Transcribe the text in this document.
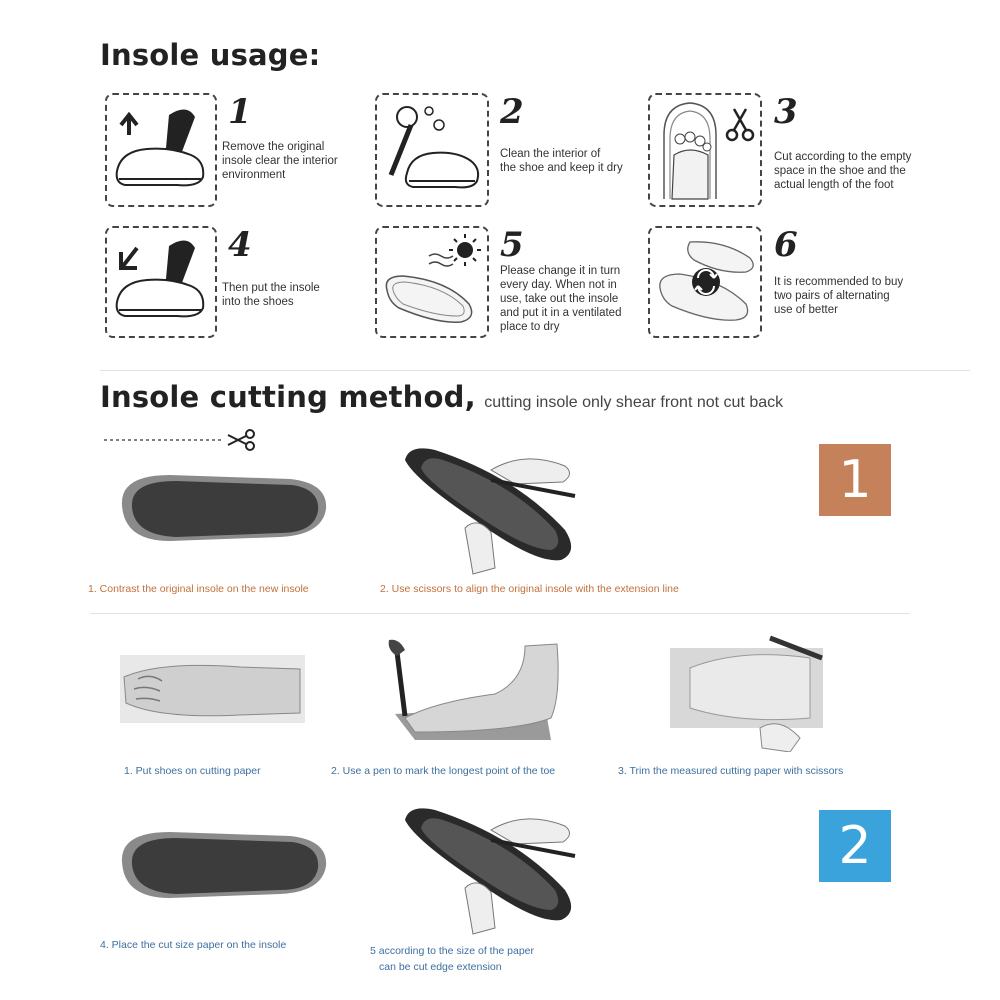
Insole usage:
1
Remove the original
insole clear the interior
environment
2
Clean the interior of
the shoe and keep it dry
3
Cut according to the empty
space in the shoe and the
actual length of the foot
4
Then put the insole
into the shoes
5
Please change it in turn
every day. When not in
use, take out the insole
and put it in a ventilated
place to dry
6
It is recommended to buy
two pairs of alternating
use of better
Insole cutting method, cutting insole only shear front not cut back
1
1. Contrast the original insole on the new insole	2. Use scissors to align the original insole with the extension line
1. Put shoes on cutting paper	2. Use a pen to mark the longest point of the toe	3. Trim the measured cutting paper with scissors
2
4. Place the cut size paper on the insole	5 according to the size of the paper
can be cut edge extension
